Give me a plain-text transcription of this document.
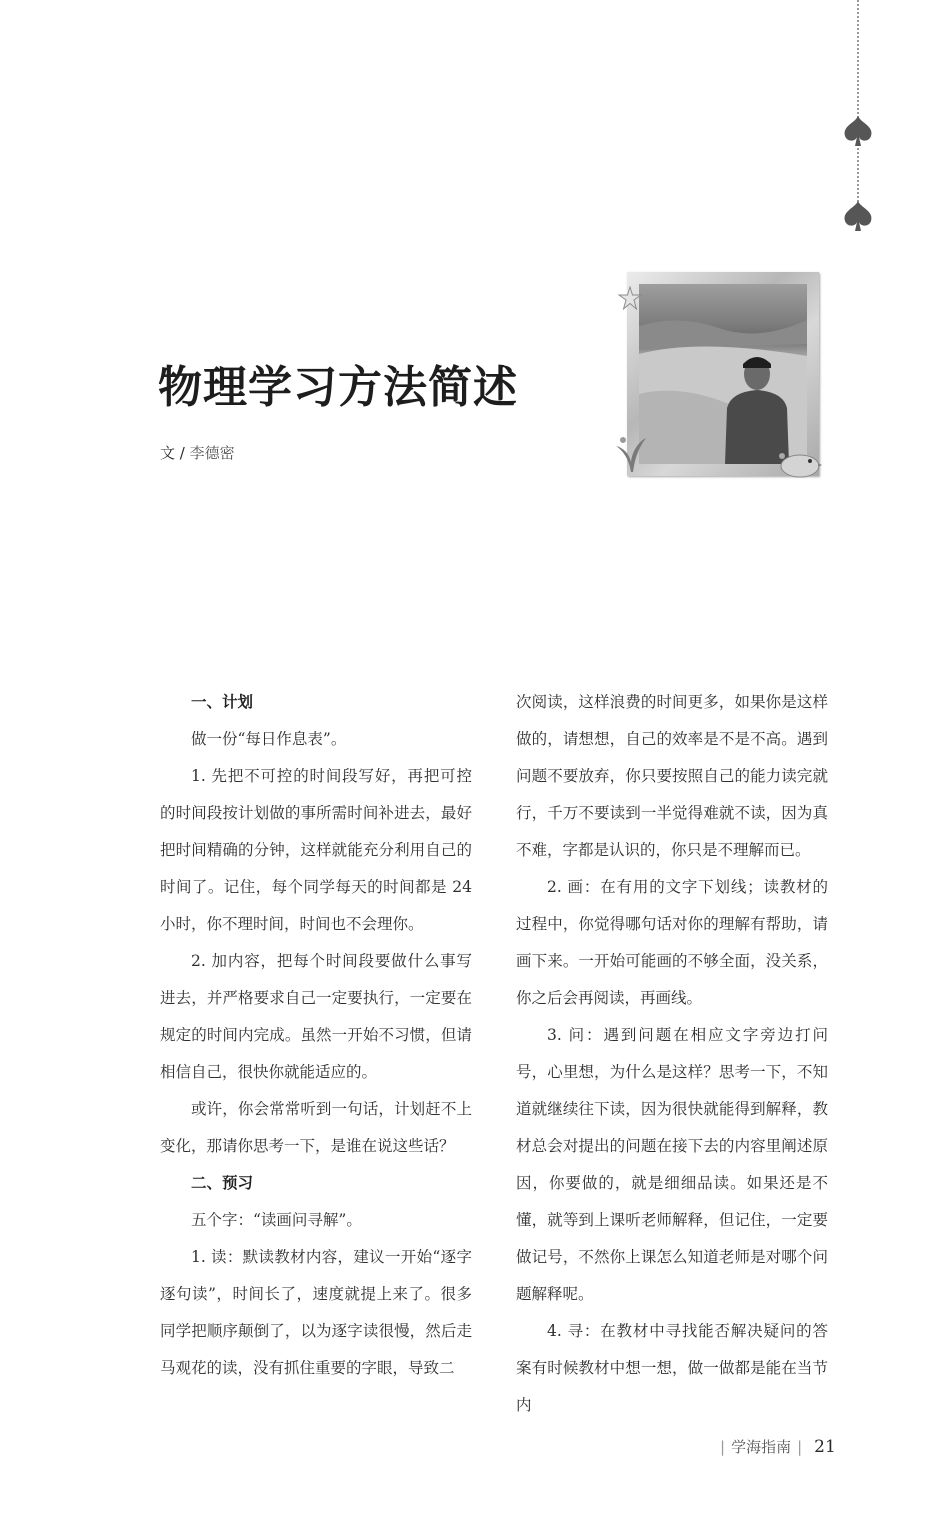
物理学习方法简述
文 / 李德密
一、计划

做一份“每日作息表”。

1. 先把不可控的时间段写好，再把可控的时间段按计划做的事所需时间补进去，最好把时间精确的分钟，这样就能充分利用自己的时间了。记住，每个同学每天的时间都是 24 小时，你不理时间，时间也不会理你。

2. 加内容，把每个时间段要做什么事写进去，并严格要求自己一定要执行，一定要在规定的时间内完成。虽然一开始不习惯，但请相信自己，很快你就能适应的。

或许，你会常常听到一句话，计划赶不上变化，那请你思考一下，是谁在说这些话？

二、预习

五个字：“读画问寻解”。

1. 读：默读教材内容，建议一开始“逐字逐句读”，时间长了，速度就提上来了。很多同学把顺序颠倒了，以为逐字读很慢，然后走马观花的读，没有抓住重要的字眼，导致二

次阅读，这样浪费的时间更多，如果你是这样做的，请想想，自己的效率是不是不高。遇到问题不要放弃，你只要按照自己的能力读完就行，千万不要读到一半觉得难就不读，因为真不难，字都是认识的，你只是不理解而已。

2. 画：在有用的文字下划线；读教材的过程中，你觉得哪句话对你的理解有帮助，请画下来。一开始可能画的不够全面，没关系，你之后会再阅读，再画线。

3. 问：遇到问题在相应文字旁边打问号，心里想，为什么是这样？思考一下，不知道就继续往下读，因为很快就能得到解释，教材总会对提出的问题在接下去的内容里阐述原因，你要做的，就是细细品读。如果还是不懂，就等到上课听老师解释，但记住，一定要做记号，不然你上课怎么知道老师是对哪个问题解释呢。

4. 寻：在教材中寻找能否解决疑问的答案有时候教材中想一想，做一做都是能在当节内

| 学海指南 | 21
